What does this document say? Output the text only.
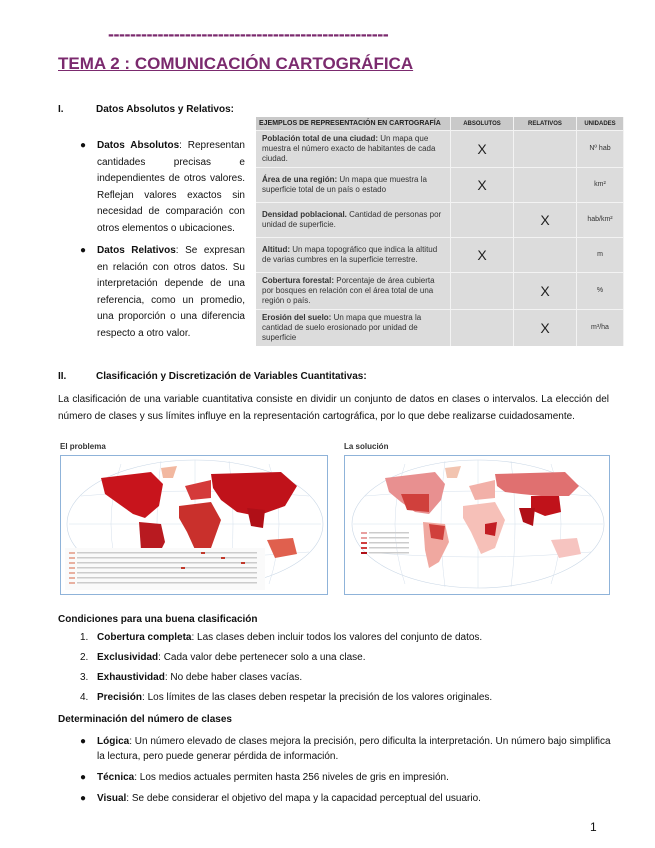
---------------------------------------------------
TEMA 2 : COMUNICACIÓN CARTOGRÁFICA
I.	Datos Absolutos y Relativos:
● Datos Absolutos: Representan cantidades precisas e independientes de otros valores. Reflejan valores exactos sin necesidad de comparación con otros elementos o ubicaciones.
● Datos Relativos: Se expresan en relación con otros datos. Su interpretación depende de una referencia, como un promedio, una proporción o una diferencia respecto a otro valor.
EJEMPLOS DE REPRESENTACIÓN EN CARTOGRAFÍA	ABSOLUTOS	RELATIVOS	UNIDADES
Población total de una ciudad: Un mapa que muestra el número exacto de habitantes de cada ciudad.	X		Nº hab
Área de una región: Un mapa que muestra la superficie total de un país o estado	X		km²
Densidad poblacional. Cantidad de personas por unidad de superficie.		X	hab/km²
Altitud: Un mapa topográfico que indica la altitud de varias cumbres en la superficie terrestre.	X		m
Cobertura forestal: Porcentaje de área cubierta por bosques en relación con el área total de una región o país.		X	%
Erosión del suelo: Un mapa que muestra la cantidad de suelo erosionado por unidad de superficie		X	m³/ha
II.	Clasificación y Discretización de Variables Cuantitativas:
La clasificación de una variable cuantitativa consiste en dividir un conjunto de datos en clases o intervalos. La elección del número de clases y sus límites influye en la representación cartográfica, por lo que debe realizarse cuidadosamente.
El problema	La solución
Condiciones para una buena clasificación
1. Cobertura completa: Las clases deben incluir todos los valores del conjunto de datos.
2. Exclusividad: Cada valor debe pertenecer solo a una clase.
3. Exhaustividad: No debe haber clases vacías.
4. Precisión: Los límites de las clases deben respetar la precisión de los valores originales.
Determinación del número de clases
● Lógica: Un número elevado de clases mejora la precisión, pero dificulta la interpretación. Un número bajo simplifica la lectura, pero puede generar pérdida de información.
● Técnica: Los medios actuales permiten hasta 256 niveles de gris en impresión.
● Visual: Se debe considerar el objetivo del mapa y la capacidad perceptual del usuario.
1
